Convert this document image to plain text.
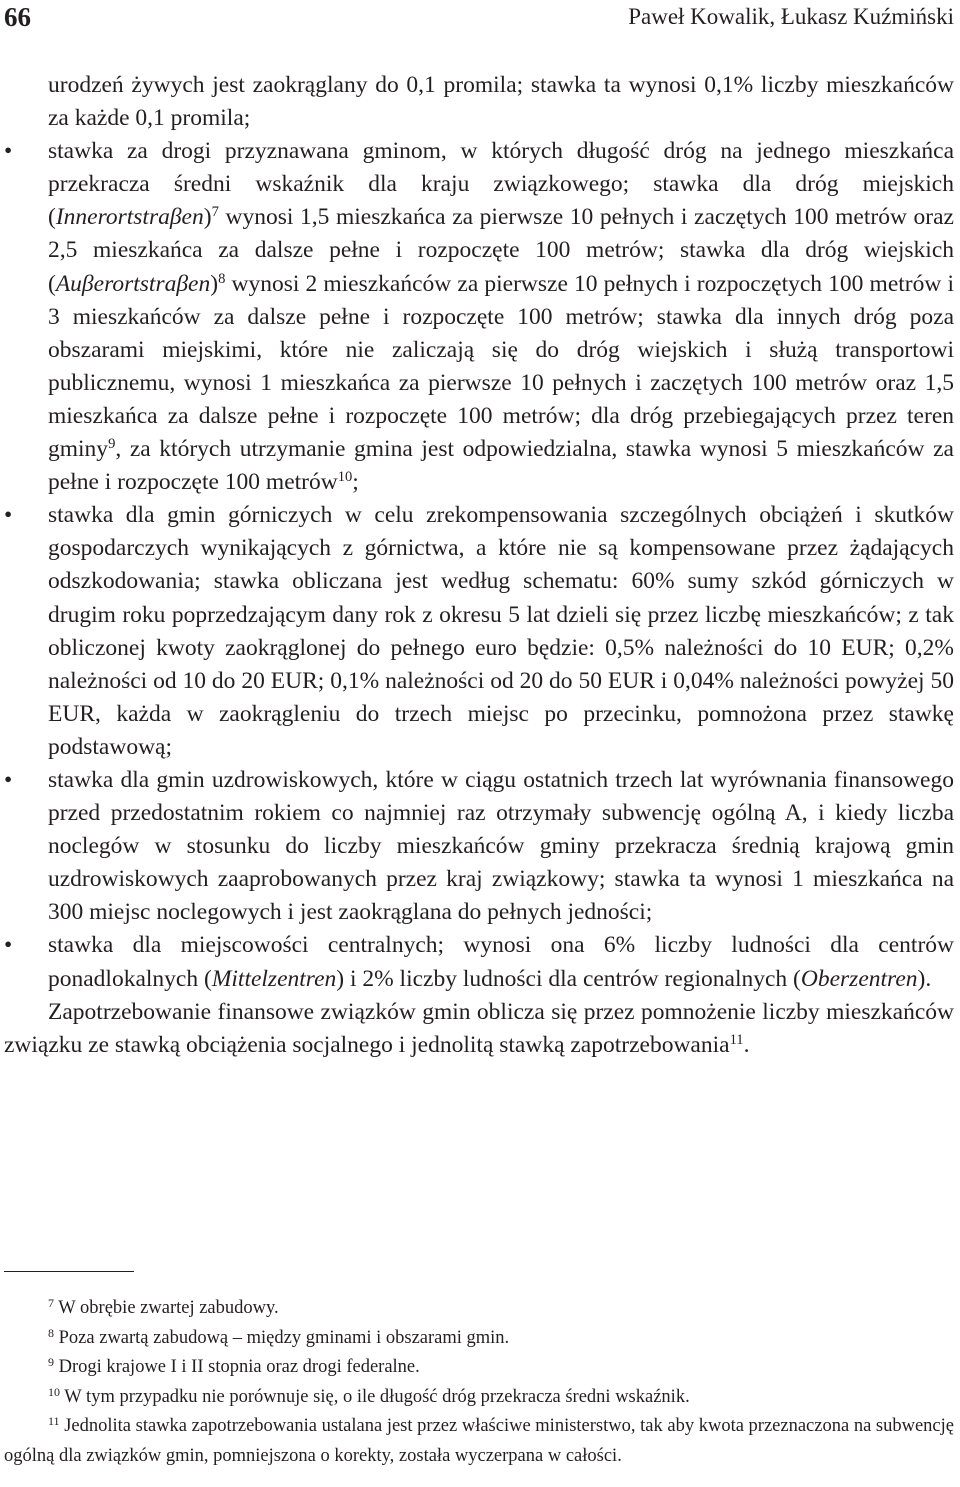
66	Paweł Kowalik, Łukasz Kuźmiński

urodzeń żywych jest zaokrąglany do 0,1 promila; stawka ta wynosi 0,1% liczby mieszkańców za każde 0,1 promila;

• stawka za drogi przyznawana gminom, w których długość dróg na jednego mieszkańca przekracza średni wskaźnik dla kraju związkowego; stawka dla dróg miejskich (Innerortstraβen)$^7$ wynosi 1,5 mieszkańca za pierwsze 10 pełnych i zaczętych 100 metrów oraz 2,5 mieszkańca za dalsze pełne i rozpoczęte 100 metrów; stawka dla dróg wiejskich (Auβerortstraβen)$^8$ wynosi 2 mieszkańców za pierwsze 10 pełnych i rozpoczętych 100 metrów i 3 mieszkańców za dalsze pełne i rozpoczęte 100 metrów; stawka dla innych dróg poza obszarami miejskimi, które nie zaliczają się do dróg wiejskich i służą transportowi publicznemu, wynosi 1 mieszkańca za pierwsze 10 pełnych i zaczętych 100 metrów oraz 1,5 mieszkańca za dalsze pełne i rozpoczęte 100 metrów; dla dróg przebiegających przez teren gminy$^9$, za których utrzymanie gmina jest odpowiedzialna, stawka wynosi 5 mieszkańców za pełne i rozpoczęte 100 metrów$^{10}$;

• stawka dla gmin górniczych w celu zrekompensowania szczególnych obciążeń i skutków gospodarczych wynikających z górnictwa, a które nie są kompensowane przez żądających odszkodowania; stawka obliczana jest według schematu: 60% sumy szkód górniczych w drugim roku poprzedzającym dany rok z okresu 5 lat dzieli się przez liczbę mieszkańców; z tak obliczonej kwoty zaokrąglonej do pełnego euro będzie: 0,5% należności do 10 EUR; 0,2% należności od 10 do 20 EUR; 0,1% należności od 20 do 50 EUR i 0,04% należności powyżej 50 EUR, każda w zaokrągleniu do trzech miejsc po przecinku, pomnożona przez stawkę podstawową;

• stawka dla gmin uzdrowiskowych, które w ciągu ostatnich trzech lat wyrównania finansowego przed przedostatnim rokiem co najmniej raz otrzymały subwencję ogólną A, i kiedy liczba noclegów w stosunku do liczby mieszkańców gminy przekracza średnią krajową gmin uzdrowiskowych zaaprobowanych przez kraj związkowy; stawka ta wynosi 1 mieszkańca na 300 miejsc noclegowych i jest zaokrąglana do pełnych jedności;

• stawka dla miejscowości centralnych; wynosi ona 6% liczby ludności dla centrów ponadlokalnych (Mittelzentren) i 2% liczby ludności dla centrów regionalnych (Oberzentren).

Zapotrzebowanie finansowe związków gmin oblicza się przez pomnożenie liczby mieszkańców związku ze stawką obciążenia socjalnego i jednolitą stawką zapotrzebowania$^{11}$.

$^7$ W obrębie zwartej zabudowy.

$^8$ Poza zwartą zabudową – między gminami i obszarami gmin.

$^9$ Drogi krajowe I i II stopnia oraz drogi federalne.

$^{10}$ W tym przypadku nie porównuje się, o ile długość dróg przekracza średni wskaźnik.

$^{11}$ Jednolita stawka zapotrzebowania ustalana jest przez właściwe ministerstwo, tak aby kwota przeznaczona na subwencję ogólną dla związków gmin, pomniejszona o korekty, została wyczerpana w całości.
